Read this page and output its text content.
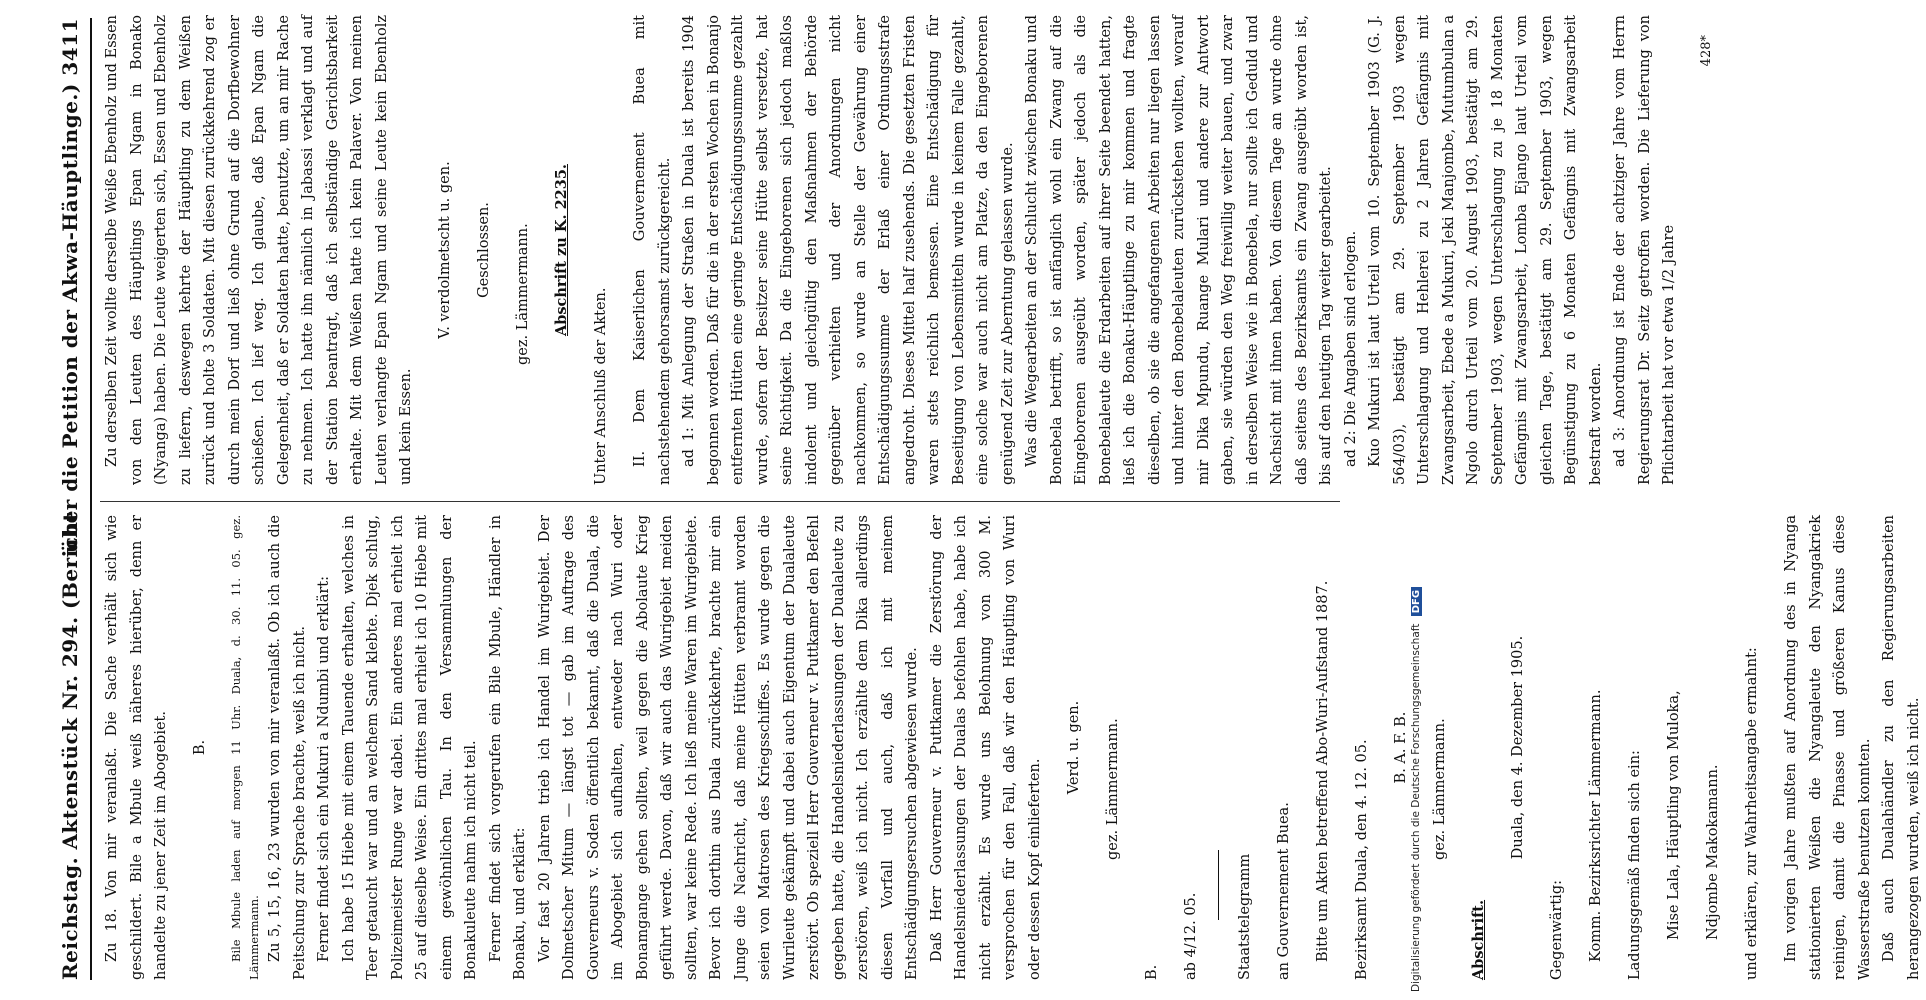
Reichstag. Aktenstück Nr. 294. (Bericht
über die Petition der Akwa-Häuptlinge.) 3411

Zu 18. Von mir veranlaßt. Die Sache verhält sich wie geschildert. Bile a Mbule weiß näheres hierüber, denn er handelte zu jener Zeit im Abogebiet.	B.	Bile Mbule laden auf morgen 11 Uhr. Duala, d. 30. 11. 05. gez. Lämmermann. Zu 5, 15, 16, 23 wurden von mir veranlaßt. Ob ich auch die Peitschung zur Sprache brachte, weiß ich nicht. Ferner findet sich ein Mukuri a Ndumbi und erklärt: Ich habe 15 Hiebe mit einem Tauende erhalten, welches in Teer getaucht war und an welchem Sand klebte. Djek schlug, Polizeimeister Runge war dabei. Ein anderes mal erhielt ich 25 auf dieselbe Weise. Ein drittes mal erhielt ich 10 Hiebe mit einem gewöhnlichen Tau. In den Versammlungen der Bonakuleute nahm ich nicht teil. Ferner findet sich vorgerufen ein Bile Mbule, Händler in Bonaku, und erklärt: Vor fast 20 Jahren trieb ich Handel im Wurigebiet. Der Dolmetscher Mitum — längst tot — gab im Auftrage des Gouverneurs v. Soden öffentlich bekannt, daß die Duala, die im Abogebiet sich aufhalten, entweder nach Wuri oder Bonamgange gehen sollten, weil gegen die Abolaute Krieg geführt werde. Davon, daß wir auch das Wurigebiet meiden sollten, war keine Rede. Ich ließ meine Waren im Wurigebiete. Bevor ich dorthin aus Duala zurückkehrte, brachte mir ein Junge die Nachricht, daß meine Hütten verbrannt worden seien von Matrosen des Kriegsschiffes. Es wurde gegen die Wurileute gekämpft und dabei auch Eigentum der Dualaleute zerstört. Ob speziell Herr Gouverneur v. Puttkamer den Befehl gegeben hatte, die Handelsniederlassungen der Dualaleute zu zerstören, weiß ich nicht. Ich erzählte dem Dika allerdings diesen Vorfall und auch, daß ich mit meinem Entschädigungsersuchen abgewiesen wurde. Daß Herr Gouverneur v. Puttkamer die Zerstörung der Handelsniederlassungen der Dualas befohlen habe, habe ich nicht erzählt. Es wurde uns Belohnung von 300 M. versprochen für den Fall, daß wir den Häuptling von Wuri oder dessen Kopf einlieferten.

Verd. u. gen.	gez. Lämmermann.

B.	ab 4/12. 05.	Staatstelegramm	an Gouvernement Buea.	Bitte um Akten betreffend Abo-Wuri-Aufstand 1887.	Bezirksamt Duala, den 4. 12. 05.	B. A. F. B.	gez. Lämmermann.

Abschrift.

Duala, den 4. Dezember 1905.

Gegenwärtig:	Komm. Bezirksrichter Lämmermann.	Ladungsgemäß finden sich ein:	Mise Lala, Häuptling von Muloka,	Ndjombe Makokamann.	und erklären, zur Wahrheitsangabe ermahnt:	Im vorigen Jahre mußten auf Anordnung des in Nyanga stationierten Weißen die Nyangaleute den Nyangakriek reinigen, damit die Pinasse und größeren Kanus diese Wasserstraße benutzen konnten. Daß auch Dualahändler zu den Regierungsarbeiten herangezogen wurden, weiß ich nicht.

Zu derselben Zeit wollte derselbe Weiße Ebenholz und Essen von den Leuten des Häuptlings Epan Ngam in Bonako (Nyanga) haben. Die Leute weigerten sich, Essen und Ebenholz zu liefern, deswegen kehrte der Häuptling zu dem Weißen zurück und holte 3 Soldaten. Mit diesen zurückkehrend zog er durch mein Dorf und ließ ohne Grund auf die Dorfbewohner schießen. Ich lief weg. Ich glaube, daß Epan Ngam die Gelegenheit, daß er Soldaten hatte, benutzte, um an mir Rache zu nehmen. Ich hatte ihn nämlich in Jabassi verklagt und auf der Station beantragt, daß ich selbständige Gerichtsbarkeit erhalte. Mit dem Weißen hatte ich kein Palaver. Von meinen Leuten verlangte Epan Ngam und seine Leute kein Ebenholz und kein Essen.

V. verdolmetscht u. gen.	Geschlossen.	gez. Lämmermann.	Abschrift zu K. 2235.

Unter Anschluß der Akten.	II. Dem Kaiserlichen Gouvernement Buea mit nachstehendem gehorsamst zurückgereicht. ad 1: Mit Anlegung der Straßen in Duala ist bereits 1904 begonnen worden. Daß für die in der ersten Wochen in Bonanjo entfernten Hütten eine geringe Entschädigungssumme gezahlt wurde, sofern der Besitzer seine Hütte selbst versetzte, hat seine Richtigkeit. Da die Eingeborenen sich jedoch maßlos indolent und gleichgültig den Maßnahmen der Behörde gegenüber verhielten und der Anordnungen nicht nachkommen, so wurde an Stelle der Gewährung einer Entschädigungssumme der Erlaß einer Ordnungsstrafe angedroht. Dieses Mittel half zusehends. Die gesetzten Fristen waren stets reichlich bemessen. Eine Entschädigung für Beseitigung von Lebensmitteln wurde in keinem Falle gezahlt, eine solche war auch nicht am Platze, da den Eingeborenen genügend Zeit zur Aberntung gelassen wurde. Was die Wegearbeiten an der Schlucht zwischen Bonaku und Bonebela betrifft, so ist anfänglich wohl ein Zwang auf die Eingeborenen ausgeübt worden, später jedoch als die Bonebelaleute die Erdarbeiten auf ihrer Seite beendet hatten, ließ ich die Bonaku-Häuptlinge zu mir kommen und fragte dieselben, ob sie die angefangenen Arbeiten nur liegen lassen und hinter den Bonebelaleuten zurückstehen wollten, worauf mir Dika Mpundu, Ruange Mulari und andere zur Antwort gaben, sie würden den Weg freiwillig weiter bauen, und zwar in derselben Weise wie in Bonebela, nur sollte ich Geduld und Nachsicht mit ihnen haben. Von diesem Tage an wurde ohne daß seitens des Bezirksamts ein Zwang ausgeübt worden ist, bis auf den heutigen Tag weiter gearbeitet. ad 2: Die Angaben sind erlogen. Kuo Mukuri ist laut Urteil vom 10. September 1903 (G. J. 564/03), bestätigt am 29. September 1903 wegen Unterschlagung und Hehlerei zu 2 Jahren Gefängnis mit Zwangsarbeit, Ebede a Mukuri, Jeki Manjombe, Mutumbulan a Ngolo durch Urteil vom 20. August 1903, bestätigt am 29. September 1903, wegen Unterschlagung zu je 18 Monaten Gefängnis mit Zwangsarbeit, Lomba Ejango laut Urteil vom gleichen Tage, bestätigt am 29. September 1903, wegen Begünstigung zu 6 Monaten Gefängnis mit Zwangsarbeit bestraft worden. ad 3: Anordnung ist Ende der achtziger Jahre vom Herrn Regierungsrat Dr. Seitz getroffen worden. Die Lieferung von Pflichtarbeit hat vor etwa 1/2 Jahre

428*

Digitalisierung gefördert durch die Deutsche Forschungsgemeinschaft DFG
